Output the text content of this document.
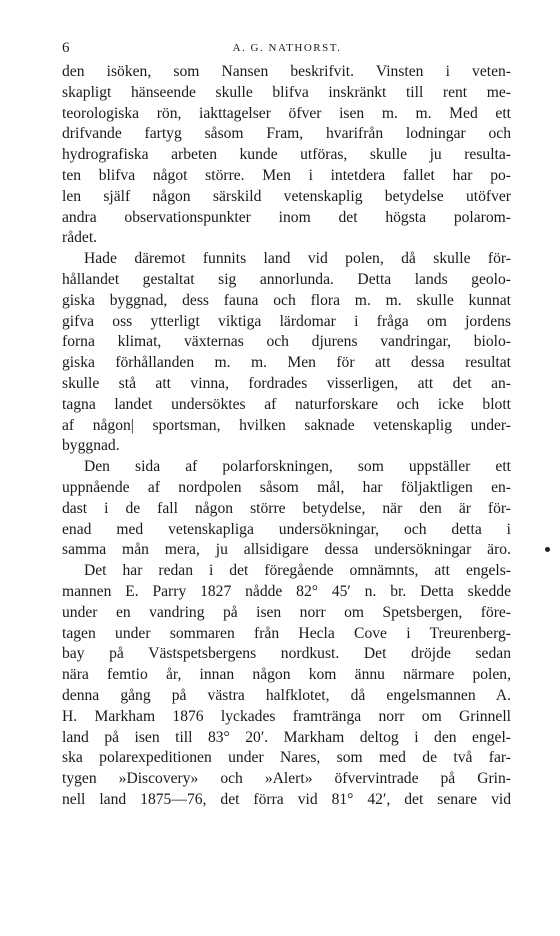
6	A. G. NATHORST.
den isöken, som Nansen beskrifvit. Vinsten i veten-
skapligt hänseende skulle blifva inskränkt till rent me-
teorologiska rön, iakttagelser öfver isen m. m. Med ett
drifvande fartyg såsom Fram, hvarifrån lodningar och
hydrografiska arbeten kunde utföras, skulle ju resulta-
ten blifva något större. Men i intetdera fallet har po-
len själf någon särskild vetenskaplig betydelse utöfver
andra observationspunkter inom det högsta polarom-
rådet.
Hade däremot funnits land vid polen, då skulle för-
hållandet gestaltat sig annorlunda. Detta lands geolo-
giska byggnad, dess fauna och flora m. m. skulle kunnat
gifva oss ytterligt viktiga lärdomar i fråga om jordens
forna klimat, växternas och djurens vandringar, biolo-
giska förhållanden m. m. Men för att dessa resultat
skulle stå att vinna, fordrades visserligen, att det an-
tagna landet undersöktes af naturforskare och icke blott
af någon| sportsman, hvilken saknade vetenskaplig under-
byggnad.
Den sida af polarforskningen, som uppställer ett
uppnående af nordpolen såsom mål, har följaktligen en-
dast i de fall någon större betydelse, när den är för-
enad med vetenskapliga undersökningar, och detta i
samma mån mera, ju allsidigare dessa undersökningar äro.
Det har redan i det föregående omnämnts, att engels-
mannen E. Parry 1827 nådde 82° 45′ n. br. Detta skedde
under en vandring på isen norr om Spetsbergen, före-
tagen under sommaren från Hecla Cove i Treurenberg-
bay på Västspetsbergens nordkust. Det dröjde sedan
nära femtio år, innan någon kom ännu närmare polen,
denna gång på västra halfklotet, då engelsmannen A.
H. Markham 1876 lyckades framtränga norr om Grinnell
land på isen till 83° 20′. Markham deltog i den engel-
ska polarexpeditionen under Nares, som med de två far-
tygen »Discovery» och »Alert» öfvervintrade på Grin-
nell land 1875—76, det förra vid 81° 42′, det senare vid
